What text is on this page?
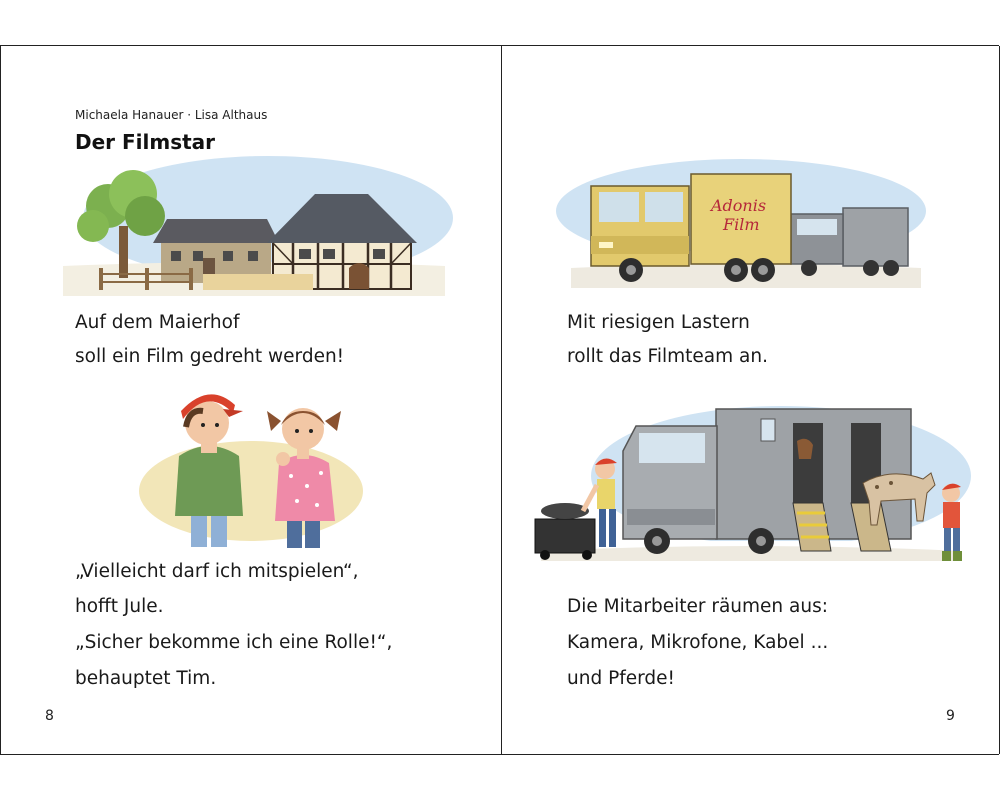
Michaela Hanauer · Lisa Althaus
Der Filmstar
Auf dem Maierhof
soll ein Film gedreht werden!
„Vielleicht darf ich mitspielen“,
hofft Jule.
„Sicher bekomme ich eine Rolle!“,
behauptet Tim.
8
Adonis
Film
Mit riesigen Lastern
rollt das Filmteam an.
Die Mitarbeiter räumen aus:
Kamera, Mikrofone, Kabel ...
und Pferde!
9
